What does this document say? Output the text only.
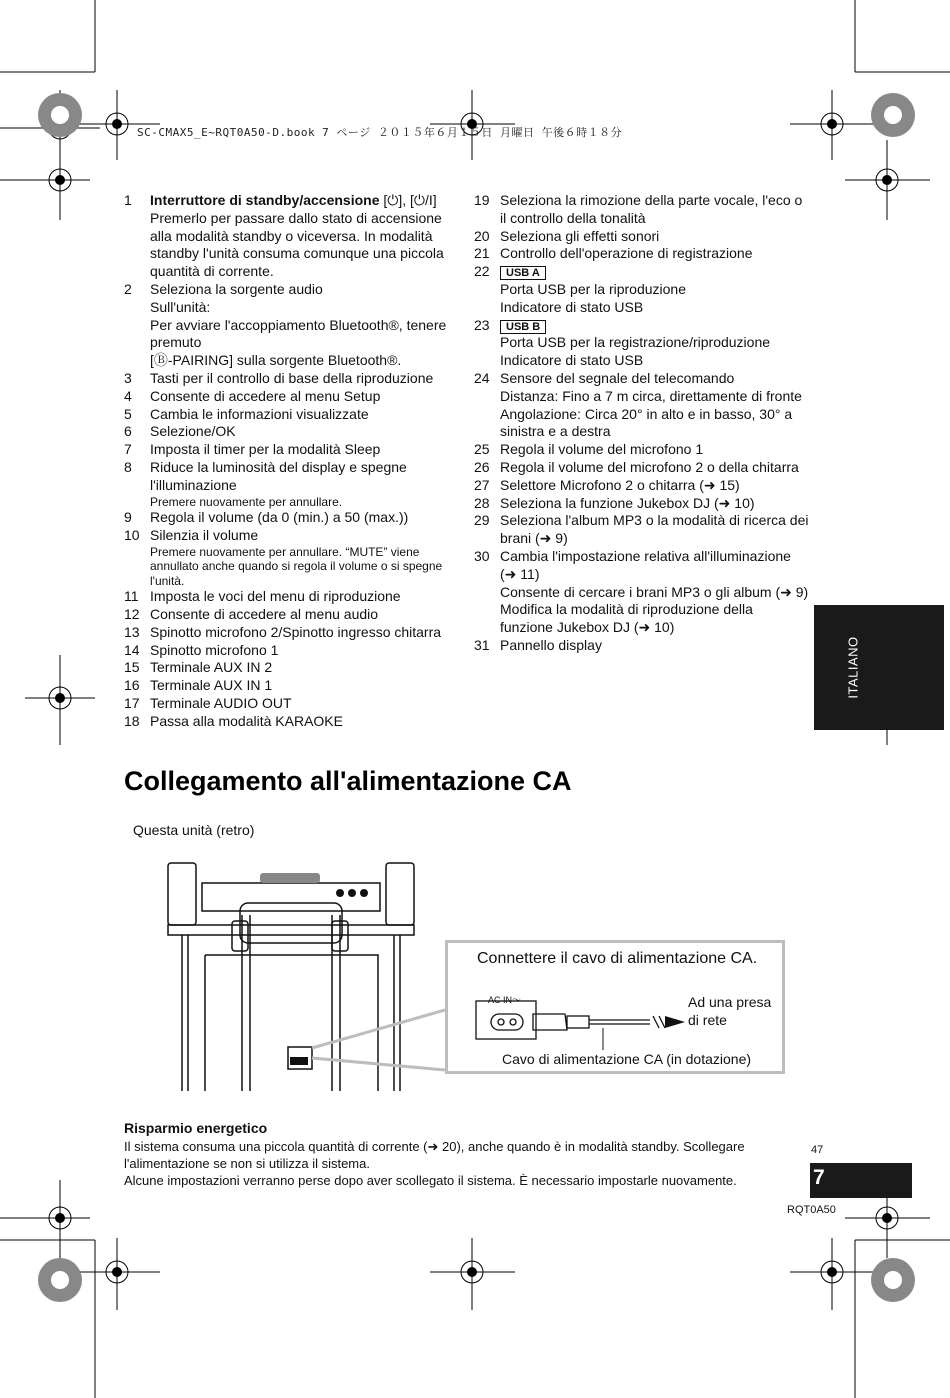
SC-CMAX5_E~RQT0A50-D.book 7 ページ ２０１５年６月１５日 月曜日 午後６時１８分
1 Interruttore di standby/accensione [⏻], [⏻/I]
Premerlo per passare dallo stato di accensione alla modalità standby o viceversa. In modalità standby l'unità consuma comunque una piccola quantità di corrente.
2 Seleziona la sorgente audio
Sull'unità:
Per avviare l'accoppiamento Bluetooth®, tenere premuto
[Ⓑ-PAIRING] sulla sorgente Bluetooth®.
3 Tasti per il controllo di base della riproduzione
4 Consente di accedere al menu Setup
5 Cambia le informazioni visualizzate
6 Selezione/OK
7 Imposta il timer per la modalità Sleep
8 Riduce la luminosità del display e spegne l'illuminazione
Premere nuovamente per annullare.
9 Regola il volume (da 0 (min.) a 50 (max.))
10 Silenzia il volume
Premere nuovamente per annullare. “MUTE” viene annullato anche quando si regola il volume o si spegne l'unità.
11 Imposta le voci del menu di riproduzione
12 Consente di accedere al menu audio
13 Spinotto microfono 2/Spinotto ingresso chitarra
14 Spinotto microfono 1
15 Terminale AUX IN 2
16 Terminale AUX IN 1
17 Terminale AUDIO OUT
18 Passa alla modalità KARAOKE
19 Seleziona la rimozione della parte vocale, l'eco o il controllo della tonalità
20 Seleziona gli effetti sonori
21 Controllo dell'operazione di registrazione
22	USB A
Porta USB per la riproduzione
Indicatore di stato USB
23	USB B
Porta USB per la registrazione/riproduzione
Indicatore di stato USB
24 Sensore del segnale del telecomando
Distanza: Fino a 7 m circa, direttamente di fronte
Angolazione: Circa 20° in alto e in basso, 30° a sinistra e a destra
25 Regola il volume del microfono 1
26 Regola il volume del microfono 2 o della chitarra
27 Selettore Microfono 2 o chitarra (➜ 15)
28 Seleziona la funzione Jukebox DJ (➜ 10)
29 Seleziona l'album MP3 o la modalità di ricerca dei brani (➜ 9)
30 Cambia l'impostazione relativa all'illuminazione (➜ 11)
Consente di cercare i brani MP3 o gli album (➜ 9)
Modifica la modalità di riproduzione della funzione Jukebox DJ (➜ 10)
31 Pannello display	ITALIANO
Collegamento all'alimentazione CA
Questa unità (retro)
Connettere il cavo di alimentazione CA.
AC IN～	Ad una presa
di rete
Cavo di alimentazione CA (in dotazione)
Risparmio energetico
Il sistema consuma una piccola quantità di corrente (➜ 20), anche quando è in modalità standby. Scollegare l'alimentazione se non si utilizza il sistema.
Alcune impostazioni verranno perse dopo aver scollegato il sistema. È necessario impostarle nuovamente.
47
7
RQT0A50
